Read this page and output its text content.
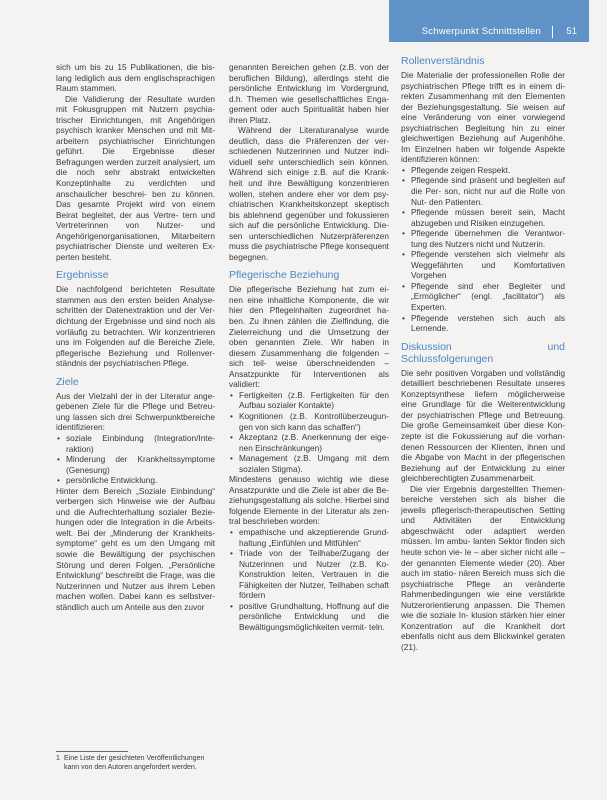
Schwerpunkt Schnittstellen	51

sich um bis zu 15 Publikationen, die bis- lang lediglich aus dem englischsprachigen Raum stammen.

Die Validierung der Resultate wurden mit Fokusgruppen mit Nutzern psychia- trischer Einrichtungen, mit Angehörigen psychisch kranker Menschen und mit Mit- arbeitern psychiatrischer Einrichtungen geführt. Die Ergebnisse dieser Befragungen werden zurzeit analysiert, um die noch sehr abstrakt entwickelten Konzeptinhalte zu verdichten und anschaulicher beschrei- ben zu können. Das gesamte Projekt wird von einem Beirat begleitet, der aus Vertre- tern und Vertreterinnen von Nutzer- und Angehörigenorganisationen, Mitarbeitern psychiatrischer Dienste und weiteren Ex- perten besteht.

Ergebnisse

Die nachfolgend berichteten Resultate stammen aus den ersten beiden Analyse- schritten der Datenextraktion und der Ver- dichtung der Ergebnisse und sind noch als vorläufig zu betrachten. Wir konzentrieren uns im Folgenden auf die Bereiche Ziele, pflegerische Beziehung und Rollenver- ständnis der psychiatrischen Pflege.

Ziele

Aus der Vielzahl der in der Literatur ange- gebenen Ziele für die Pflege und Betreu- ung lassen sich drei Schwerpunktbereiche identifizieren:

• soziale Einbindung (Integration/Inte- raktion)
• Minderung der Krankheitssymptome (Genesung)
• persönliche Entwicklung.

Hinter dem Bereich „Soziale Einbindung“ verbergen sich Hinweise wie der Aufbau und die Aufrechterhaltung sozialer Bezie- hungen oder die Integration in die Arbeits- welt. Bei der „Minderung der Krankheits- symptome“ geht es um den Umgang mit sowie die Bewältigung der psychischen Störung und deren Folgen. „Persönliche Entwicklung“ beschreibt die Frage, was die Nutzerinnen und Nutzer aus ihrem Leben machen wollen. Dabei kann es selbstver- ständlich auch um Anteile aus den zuvor

1 Eine Liste der gesichteten Veröffentlichungen kann von den Autoren angefordert werden.

genannten Bereichen gehen (z.B. von der beruflichen Bildung), allerdings steht die persönliche Entwicklung im Vordergrund, d.h. Themen wie gesellschaftliches Enga- gement oder auch Spiritualität haben hier ihren Platz.

Während der Literaturanalyse wurde deutlich, dass die Präferenzen der ver- schiedenen Nutzerinnen und Nutzer indi- viduell sehr unterschiedlich sein können. Während sich einige z.B. auf die Krank- heit und ihre Bewältigung konzentrieren wollen, stehen andere eher vor dem psy- chiatrischen Krankheitskonzept skeptisch bis ablehnend gegenüber und fokussieren sich auf die persönliche Entwicklung. Die- sen unterschiedlichen Nutzerpräferenzen muss die psychiatrische Pflege konsequent begegnen.

Pflegerische Beziehung

Die pflegerische Beziehung hat zum ei- nen eine inhaltliche Komponente, die wir hier den Pflegeinhalten zugeordnet ha- ben. Zu ihnen zählen die Zielfindung, die Zielerreichung und die Umsetzung der oben genannten Ziele. Wir haben in diesem Zusammenhang die folgenden – sich teil- weise überschneidenden – Ansatzpunkte für Interventionen als validiert:

• Fertigkeiten (z.B. Fertigkeiten für den Aufbau sozialer Kontakte)
• Kognitionen (z.B. Kontrollüberzeugun- gen von sich kann das schaffen“)
• Akzeptanz (z.B. Anerkennung der eige- nen Einschränkungen)
• Management (z.B. Umgang mit dem sozialen Stigma).

Mindestens genauso wichtig wie diese Ansatzpunkte und die Ziele ist aber die Be- ziehungsgestaltung als solche. Hierbei sind folgende Elemente in der Literatur als zen- tral beschrieben worden:

• empathische und akzeptierende Grund- haltung „Einfühlen und Mitfühlen“
• Triade von der Teilhabe/Zugang der Nutzerinnen und Nutzer (z.B. Ko- Konstruktion leiten, Vertrauen in die Fähigkeiten der Nutzer, Teilhaben schaft fördern
• positive Grundhaltung, Hoffnung auf die persönliche Entwicklung und die Bewältigungsmöglichkeiten vermit- teln.
Rollenverständnis

Die Materialie der professionellen Rolle der psychiatrischen Pflege trifft es in einem di- rekten Zusammenhang mit den Elementen der Beziehungsgestaltung. Sie weisen auf eine Veränderung von einer vorwiegend psychiatrischen Begleitung hin zu einer gleichwertigen Beziehung auf Augenhöhe. Im Einzelnen haben wir folgende Aspekte identifizieren können:

• Pflegende zeigen Respekt.
• Pflegende sind präsent und begleiten auf die Per- son, nicht nur auf die Rolle von Nut- den Patienten.
• Pflegende müssen bereit sein, Macht abzugeben und Risiken einzugehen.
• Pflegende übernehmen die Verantwor- tung des Nutzers nicht und Nutzerin.
• Pflegende verstehen sich vielmehr als Weggefährten und Komfortativen Vorgehen
• Pflegende sind eher Begleiter und „Ermöglicher“ (engl. „facilitator“) als Experten.
• Pflegende verstehen sich auch als Lernende.
Diskussion und Schlussfolgerungen

Die sehr positiven Vorgaben und vollständig detailliert beschriebenen Resultate unseres Konzeptsynthese liefern möglicherweise eine Grundlage für die Weiterentwicklung der psychiatrischen Pflege und Betreuung. Die große Gemeinsamkeit über diese Kon- zepte ist die Fokussierung auf die vorhan- denen Ressourcen der Klienten, ihnen und die Abgabe von Macht in der pflegerischen Beziehung auf der Entwicklung zu einer gleichberechtigten Zusammenarbeit.

Die vier Ergebnis dargestellten Themen- bereiche verstehen sich als bisher die jeweils pflegerisch-therapeutischen Setting und Aktivitäten der Entwicklung abgeschwächt oder adaptiert werden müssen. Im ambu- lanten Sektor finden sich heute schon vie- le – aber sicher nicht alle – der genannten Elemente wieder (20). Aber auch im statio- nären Bereich muss sich die psychiatrische Pflege an veränderte Rahmenbedingungen wie eine verstärkte Nutzerorientierung anpassen. Die Themen wie die soziale In- klusion stärken hier einer Konzentration auf die Krankheit dort ebenfalls nicht aus dem Blickwinkel geraten (21).
